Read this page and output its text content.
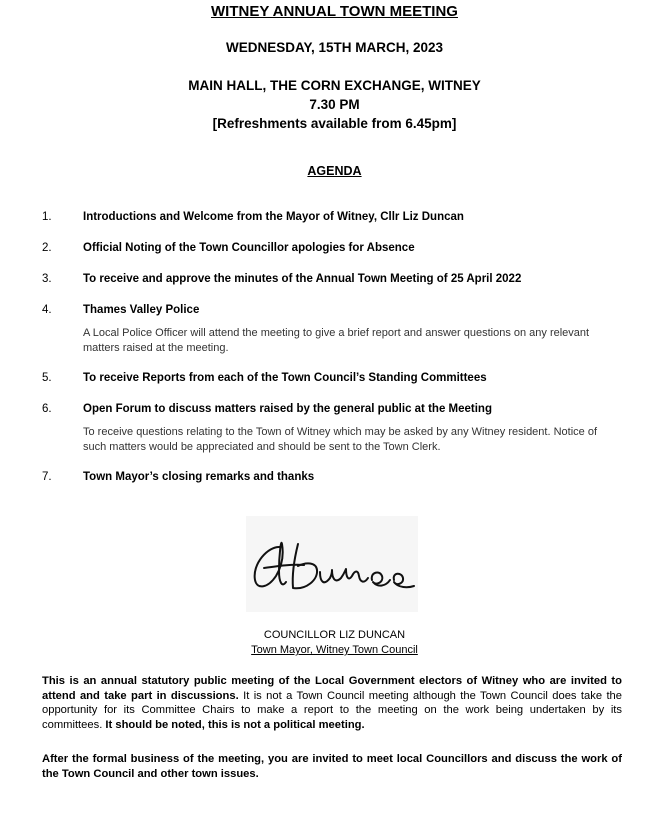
WITNEY ANNUAL TOWN MEETING
WEDNESDAY, 15TH MARCH, 2023
MAIN HALL, THE CORN EXCHANGE, WITNEY
7.30 PM
[Refreshments available from 6.45pm]
AGENDA
1.	Introductions and Welcome from the Mayor of Witney, Cllr Liz Duncan
2.	Official Noting of the Town Councillor apologies for Absence
3.	To receive and approve the minutes of the Annual Town Meeting of 25 April 2022
4.	Thames Valley Police
A Local Police Officer will attend the meeting to give a brief report and answer questions on any relevant matters raised at the meeting.
5.	To receive Reports from each of the Town Council’s Standing Committees
6.	Open Forum to discuss matters raised by the general public at the Meeting
To receive questions relating to the Town of Witney which may be asked by any Witney resident. Notice of such matters would be appreciated and should be sent to the Town Clerk.
7.	Town Mayor’s closing remarks and thanks
COUNCILLOR LIZ DUNCAN
Town Mayor, Witney Town Council
This is an annual statutory public meeting of the Local Government electors of Witney who are invited to attend and take part in discussions. It is not a Town Council meeting although the Town Council does take the opportunity for its Committee Chairs to make a report to the meeting on the work being undertaken by its committees. It should be noted, this is not a political meeting.
After the formal business of the meeting, you are invited to meet local Councillors and discuss the work of the Town Council and other town issues.
